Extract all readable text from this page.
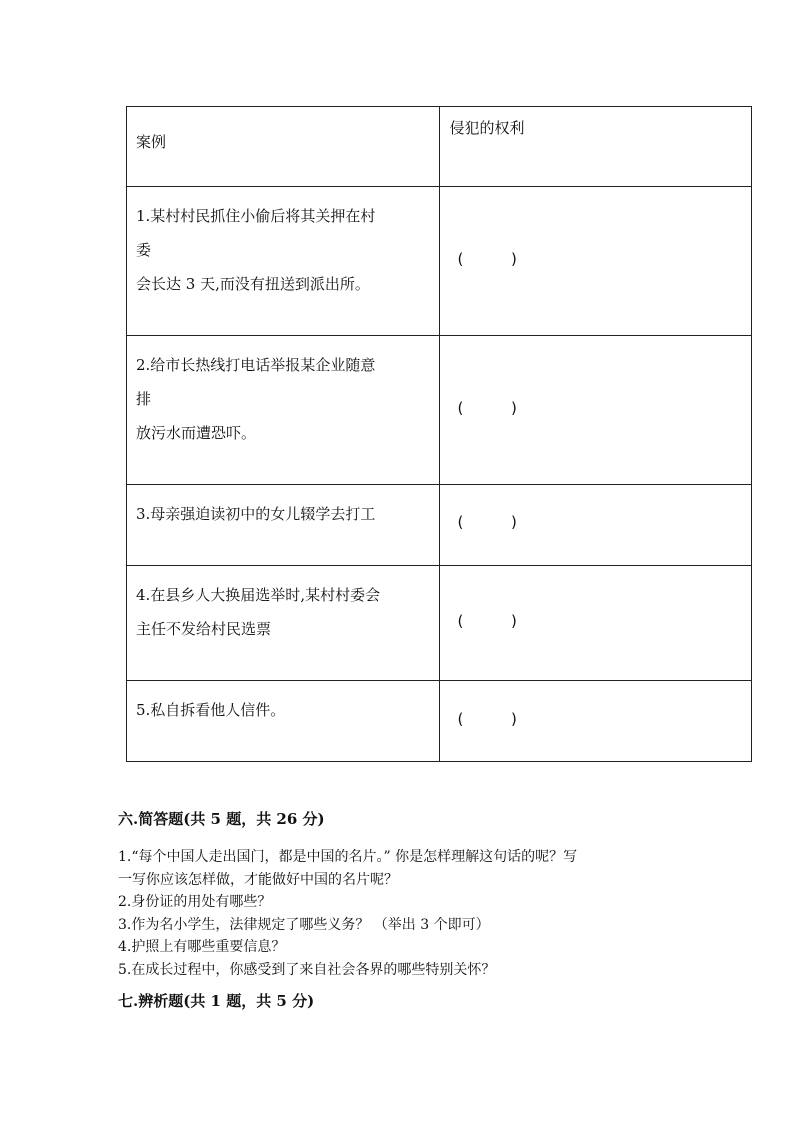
案例	侵犯的权利

1.某村村民抓住小偷后将其关押在村
委
会长达 3 天,而没有扭送到派出所。	(          )

2.给市长热线打电话举报某企业随意
排
放污水而遭恐吓。	(          )

3.母亲强迫读初中的女儿辍学去打工	(          )

4.在县乡人大换届选举时,某村村委会
主任不发给村民选票	(          )

5.私自拆看他人信件。	(          )
六.简答题(共 5 题，共 26 分)
1.“每个中国人走出国门，都是中国的名片。” 你是怎样理解这句话的呢？写
一写你应该怎样做，才能做好中国的名片呢？
2.身份证的用处有哪些？
3.作为名小学生，法律规定了哪些义务？ （举出 3 个即可）
4.护照上有哪些重要信息？
5.在成长过程中，你感受到了来自社会各界的哪些特别关怀？
七.辨析题(共 1 题，共 5 分)
